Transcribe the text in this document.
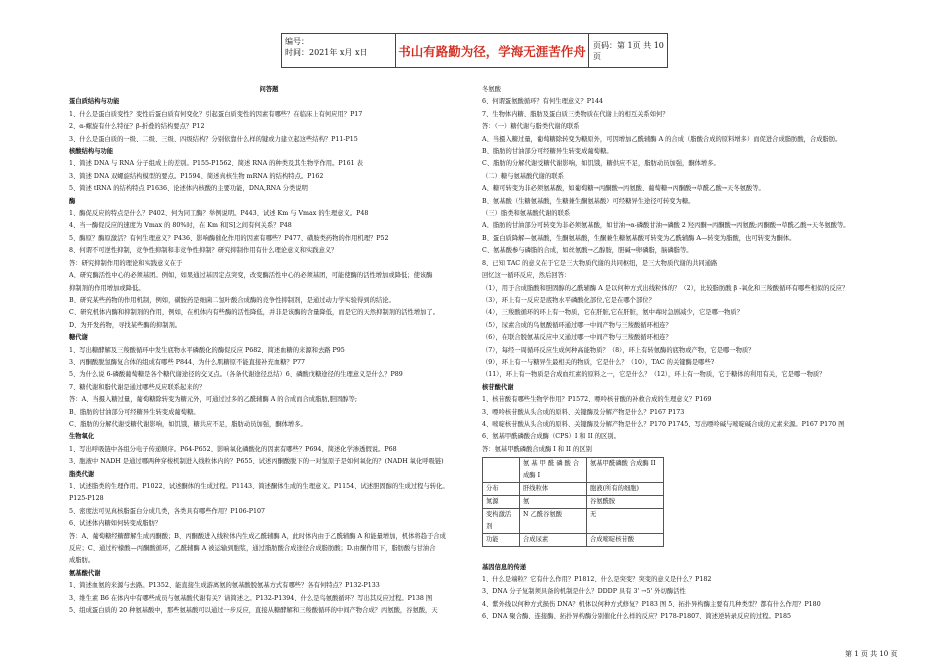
编号：
时间：2021年 x月 x日	书山有路勤为径，学海无涯苦作舟 页码：第 1页 共 10页

问答题

蛋白质结构与功能

1、什么是蛋白质变性？变性后蛋白质有何变化？引起蛋白质变性的因素有哪些？在临床上有何应用？P17

2、α-螺旋有什么特征？β-折叠的结构要点？P12

3、什么是蛋白质的一级、二级、三级、四级结构？分别依靠什么样的键或力建立起这些结构？P11-P15

核酸结构与功能

1、简述 DNA 与 RNA 分子组成上的差别。P155-P1562、简述 RNA 的种类及其生物学作用。P161 表

3、简述 DNA 双螺旋结构模型的要点。P1594、简述真核生物 mRNA 的结构特点。P162

5、简述 tRNA 的结构特点 P1636、论述体内核酸的主要功能，DNA,RNA 分类说明

酶

1、酶促反应的特点是什么？P402、何为同工酶？举例说明。P443、试述 Km 与 Vmax 的生理意义。P48

4、当一酶促反应的速度为 Vmax 的 80%时，在 Km 和[S]之间有何关系？P48

5、酶原？酶原激活？有何生理意义？P436、影响酶催化作用的因素有哪些？P477、磺胺类药物的作用机理？P52

8、何谓不可逆性抑制，竞争性抑制和非竞争性抑制？研究抑制作用有什么理论意义和实践意义？

答：研究抑制作用的理论和实践意义在于

A、研究酶活性中心的必须基团。例如，如果通过基因定点突变，改变酶活性中心的必须基团，可能使酶的活性增加或降低；使该酶

抑制剂的作用增加或降低。

B、研究某些药物的作用机制，例如，磺胺药是细菌二氢叶酸合成酶的竞争性抑制剂，是通过动力学实验得到的结论。

C、研究机体内酶和抑制剂的作用，例如，在机体内有些酶的活性降低，并非是该酶的含量降低，而是它的天然抑制剂的活性增加了。

D、为开发药物，寻找某些酶的抑制剂。

糖代谢

1、写出糖酵解及三羧酸循环中发生底物水平磷酸化的酶促反应 P682、简述血糖的来源和去路 P95

3、丙酮酸脱氢酶复合体的组成有哪些 P844、为什么肌糖原不能直接补充血糖？P77

5、为什么说 6-磷酸葡萄糖是各个糖代谢途径的交叉点。（各条代谢途径总结）6、磷酸戊糖途径的生理意义是什么？P89

7、糖代谢和脂代谢是通过哪些反应联系起来的？

答：A、当摄入糖过量，葡萄糖除转变为糖元外，可通过过多的乙酰辅酶 A 的合成而合成脂肪,胆固醇等;

B、脂肪的甘油部分可经糖异生转变成葡萄糖。

C、脂肪的分解代谢受糖代谢影响，如饥饿，糖共应不足，脂肪动员加强，酮体增多。

生物氧化

1、写出呼吸链中各组分电子传递顺序。P64-P652、影响氧化磷酸化的因素有哪些？P694、简述化学渗透假说。P68

3、胞液中 NADH 是通过哪两种穿梭机制进入线粒体内的？P655、试述丙酮酸脱下的一对氢原子是如何氧化的？(NADH 氧化呼吸链)

脂类代谢

1、试述脂类的生理作用。P1022、试述酮体的生成过程。P1143、简述酮体生成的生理意义。P1154、试述胆固醇的生成过程与转化。

P125-P128

5、密度法可见真核脂蛋白分成几类，各类具有哪些作用？P106-P107

6、试述体内糖如何转变成脂肪？

答：A、葡萄糖经糖酵解生成丙酮酸；B、丙酮酸进入线粒体内生成乙酰辅酶 A，此时体内由于乙酰辅酶 A 和能量增加，机体将趋于合成

反应；C、通过柠檬酸—丙酮酸循环，乙酰辅酶 A 被运输到胞浆，通过脂肪酸合成途径合成脂肪酸；D.由酮作用下，脂肪酸与甘油合

成脂肪。

氨基酸代谢

1、简述血氨的来源与去路。P1352、能直接生成游离氨的氨基酸脱氨基方式有哪些？各有何特点？P132-P133

3、维生素 B6 在体内中有哪些成员与氨基酸代谢有关？请简述之。P132-P1394、什么是鸟氨酸循环？写出其反应过程。P138 图

5、组成蛋白质的 20 种氨基酸中，那些氨基酸可以通过一步反应，直接从糖酵解和三羧酸循环的中间产物合成？丙氨酸，谷氨酸，天

冬氨酸

6、何谓蛋氨酸循环？有何生理意义？P144

7、生物体内糖、脂肪及蛋白质三类物质在代谢上的相互关系如何？

答：（一）糖代谢与脂类代谢的联系

A、当摄入糖过量，葡萄糖除转变为糖原外，可因增加乙酰辅酶 A 的合成（脂酸合成的原料增多）而促进合成脂肪酸，合成脂肪。

B、脂肪的甘油部分可经糖异生转变成葡萄糖。

C、脂肪的分解代谢受糖代谢影响，如饥饿，糖供应不足，脂肪动员加强，酮体增多。

（二）糖与氨基酸代谢的联系

A、糖可转变为非必须氨基酸，如葡萄糖→丙酮酸→丙氨酸、葡萄糖→丙酮酸→草酰乙酸→天冬氨酸等。

B、氨基酸（生糖氨基酸，生糖兼生酮氨基酸）可经糖异生途径可转变为糖。

（三）脂类和氨基酸代谢的联系

A、脂肪的甘油部分可转变为非必须氨基酸，如甘油→α-磷酸甘油→磷酸 2 羟丙酮→丙酮酸→丙氨酸;丙酮酸→草酰乙酸→天冬氨酸等。

B、蛋白质降解—氨基酸，生酮氨基酸，生酮兼生糖氨基酸可转变为乙酰辅酶 A—转变为脂酸，也可转变为酮体。

C、氨基酸参与磷脂的合成，如丝氨酸→乙醇胺，胆碱→卵磷脂，脑磷脂等。

8、已知 TAC 的意义在于它是三大物质代谢的共同枢纽，是三大物质代谢的共同通路

回忆这一循环反应，然后回答：

（1），用于合成脂酸和胆固醇的乙酰辅酶 A 是以何种方式出线粒体的？（2），比较脂肪酸 β -氧化和三羧酸循环有哪些相似的反应？

（3），环上有一反应是底物水平磷酸化部位,它是在哪个部位？

（4），三羧酸循环的环上有一物质，它在肝脏,它在肝脏，氨中毒时急剧减少，它是哪一物质？

（5），尿素合成的鸟氨酸循环通过哪一中间产物与三羧酸循环相连？

（6），在联合脱氨基反应中又通过哪一中间产物与三羧酸循环相连？

（7），每经一周循环反应生成何种高能物质？（8），环上有转氨酶的底物或产物，它是哪一物质？

（9），环上有一与糖异生最相关的物质，它是什么？（10），TAC 的关键酶是哪些?

（11），环上有一物质是合成血红素的原料之一，它是什么？（12），环上有一物质，它于糖体的利用有关，它是哪一物质？

核苷酸代谢

1、核苷酸有哪些生物学作用？P1572、嘌呤核苷酸的补救合成的生理意义？P169

3、嘌呤核苷酸从头合成的原料、关键酶及分解产物是什么？P167 P173

4、嘧啶核苷酸从头合成的原料、关键酶及分解产物是什么？P170 P1745、写出嘌呤碱与嘧啶碱合成的元素来源。P167 P170 图

6、氨基甲酰磷酸合成酶（CPS）I 和 II 的区别。

答：氨基甲酰磷酸合成酶 I 和 II 的区别

	氨 基 甲 酰 磷 酸 合成酶 I	氨基甲酰磷酸 合成酶 II
分布	肝线粒体	胞液(所有的细胞)
氮源	氨	谷氨酰胺
变构激活剂	N 乙酰谷氨酸	无
功能	合成尿素	合成嘧啶核苷酸

基因信息的传递

1、什么是端粒？它有什么作用？P1812、什么是突变？突变的意义是什么？P182

3、DNA 分子复制须具备的机制是什么？DDDP 具有 3' →5' 外切酶活性

4、紫外线以何种方式损伤 DNA？机体以何种方式修复？P183 图 5、拓扑异构酶主要有几种类型？都有什么作用？P180

6、DNA 聚合酶、连接酶、拓扑异构酶分别催化什么样的反应？P178-P1807、简述逆转录反应的过程。P185

第 1 页 共 10 页
